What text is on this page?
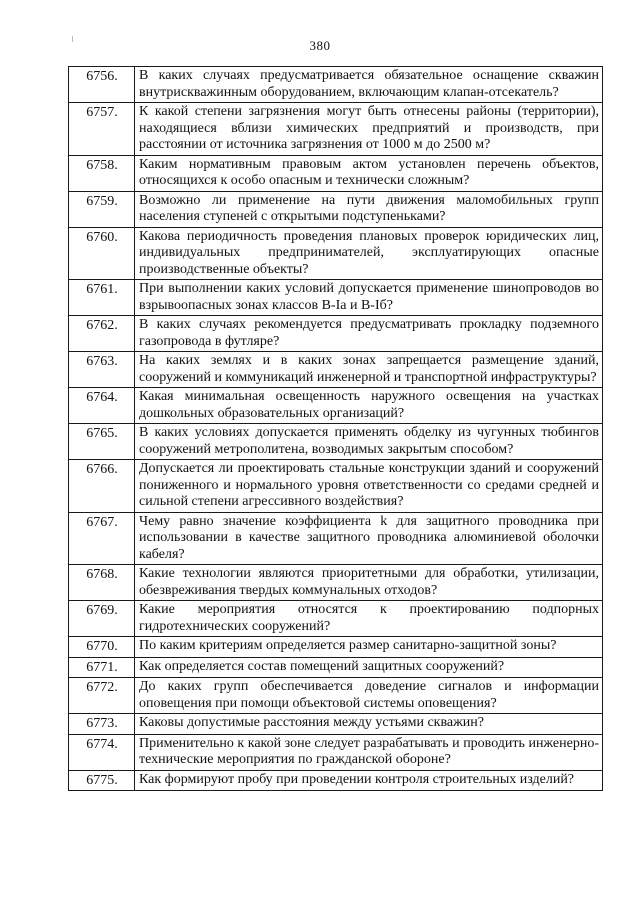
380
6756.	В каких случаях предусматривается обязательное оснащение скважин внутрискважинным оборудованием, включающим клапан-отсекатель?
6757.	К какой степени загрязнения могут быть отнесены районы (территории), находящиеся вблизи химических предприятий и производств, при расстоянии от источника загрязнения от 1000 м до 2500 м?
6758.	Каким нормативным правовым актом установлен перечень объектов, относящихся к особо опасным и технически сложным?
6759.	Возможно ли применение на пути движения маломобильных групп населения ступеней с открытыми подступеньками?
6760.	Какова периодичность проведения плановых проверок юридических лиц, индивидуальных предпринимателей, эксплуатирующих опасные производственные объекты?
6761.	При выполнении каких условий допускается применение шинопроводов во взрывоопасных зонах классов В-Iа и В-Iб?
6762.	В каких случаях рекомендуется предусматривать прокладку подземного газопровода в футляре?
6763.	На каких землях и в каких зонах запрещается размещение зданий, сооружений и коммуникаций инженерной и транспортной инфраструктуры?
6764.	Какая минимальная освещенность наружного освещения на участках дошкольных образовательных организаций?
6765.	В каких условиях допускается применять обделку из чугунных тюбингов сооружений метрополитена, возводимых закрытым способом?
6766.	Допускается ли проектировать стальные конструкции зданий и сооружений пониженного и нормального уровня ответственности со средами средней и сильной степени агрессивного воздействия?
6767.	Чему равно значение коэффициента k для защитного проводника при использовании в качестве защитного проводника алюминиевой оболочки кабеля?
6768.	Какие технологии являются приоритетными для обработки, утилизации, обезвреживания твердых коммунальных отходов?
6769.	Какие мероприятия относятся к проектированию подпорных гидротехнических сооружений?
6770.	По каким критериям определяется размер санитарно-защитной зоны?
6771.	Как определяется состав помещений защитных сооружений?
6772.	До каких групп обеспечивается доведение сигналов и информации оповещения при помощи объектовой системы оповещения?
6773.	Каковы допустимые расстояния между устьями скважин?
6774.	Применительно к какой зоне следует разрабатывать и проводить инженерно-технические мероприятия по гражданской обороне?
6775.	Как формируют пробу при проведении контроля строительных изделий?
